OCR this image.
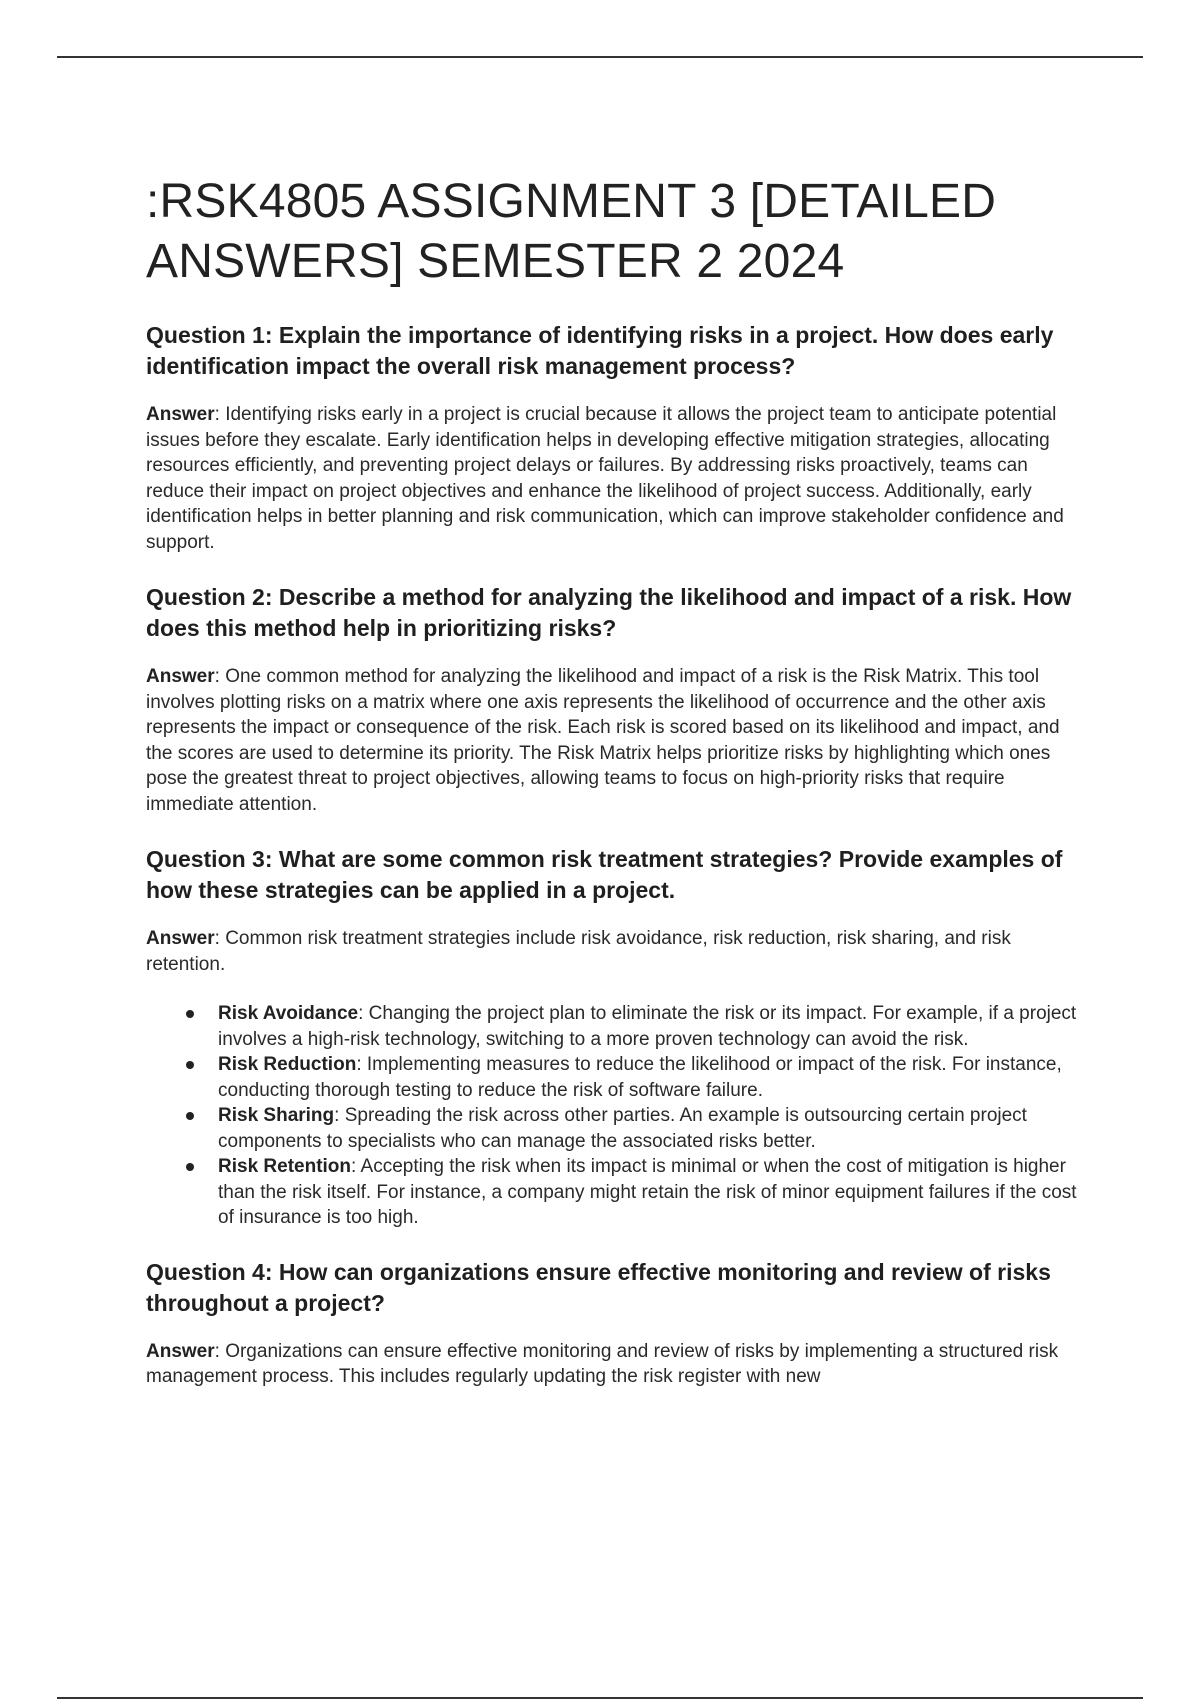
:RSK4805 ASSIGNMENT 3 [DETAILED ANSWERS] SEMESTER 2 2024
Question 1: Explain the importance of identifying risks in a project. How does early identification impact the overall risk management process?

Answer: Identifying risks early in a project is crucial because it allows the project team to anticipate potential issues before they escalate. Early identification helps in developing effective mitigation strategies, allocating resources efficiently, and preventing project delays or failures. By addressing risks proactively, teams can reduce their impact on project objectives and enhance the likelihood of project success. Additionally, early identification helps in better planning and risk communication, which can improve stakeholder confidence and support.

Question 2: Describe a method for analyzing the likelihood and impact of a risk. How does this method help in prioritizing risks?

Answer: One common method for analyzing the likelihood and impact of a risk is the Risk Matrix. This tool involves plotting risks on a matrix where one axis represents the likelihood of occurrence and the other axis represents the impact or consequence of the risk. Each risk is scored based on its likelihood and impact, and the scores are used to determine its priority. The Risk Matrix helps prioritize risks by highlighting which ones pose the greatest threat to project objectives, allowing teams to focus on high-priority risks that require immediate attention.

Question 3: What are some common risk treatment strategies? Provide examples of how these strategies can be applied in a project.

Answer: Common risk treatment strategies include risk avoidance, risk reduction, risk sharing, and risk retention.

Risk Avoidance: Changing the project plan to eliminate the risk or its impact. For example, if a project involves a high-risk technology, switching to a more proven technology can avoid the risk.
Risk Reduction: Implementing measures to reduce the likelihood or impact of the risk. For instance, conducting thorough testing to reduce the risk of software failure.
Risk Sharing: Spreading the risk across other parties. An example is outsourcing certain project components to specialists who can manage the associated risks better.
Risk Retention: Accepting the risk when its impact is minimal or when the cost of mitigation is higher than the risk itself. For instance, a company might retain the risk of minor equipment failures if the cost of insurance is too high.
Question 4: How can organizations ensure effective monitoring and review of risks throughout a project?

Answer: Organizations can ensure effective monitoring and review of risks by implementing a structured risk management process. This includes regularly updating the risk register with new
